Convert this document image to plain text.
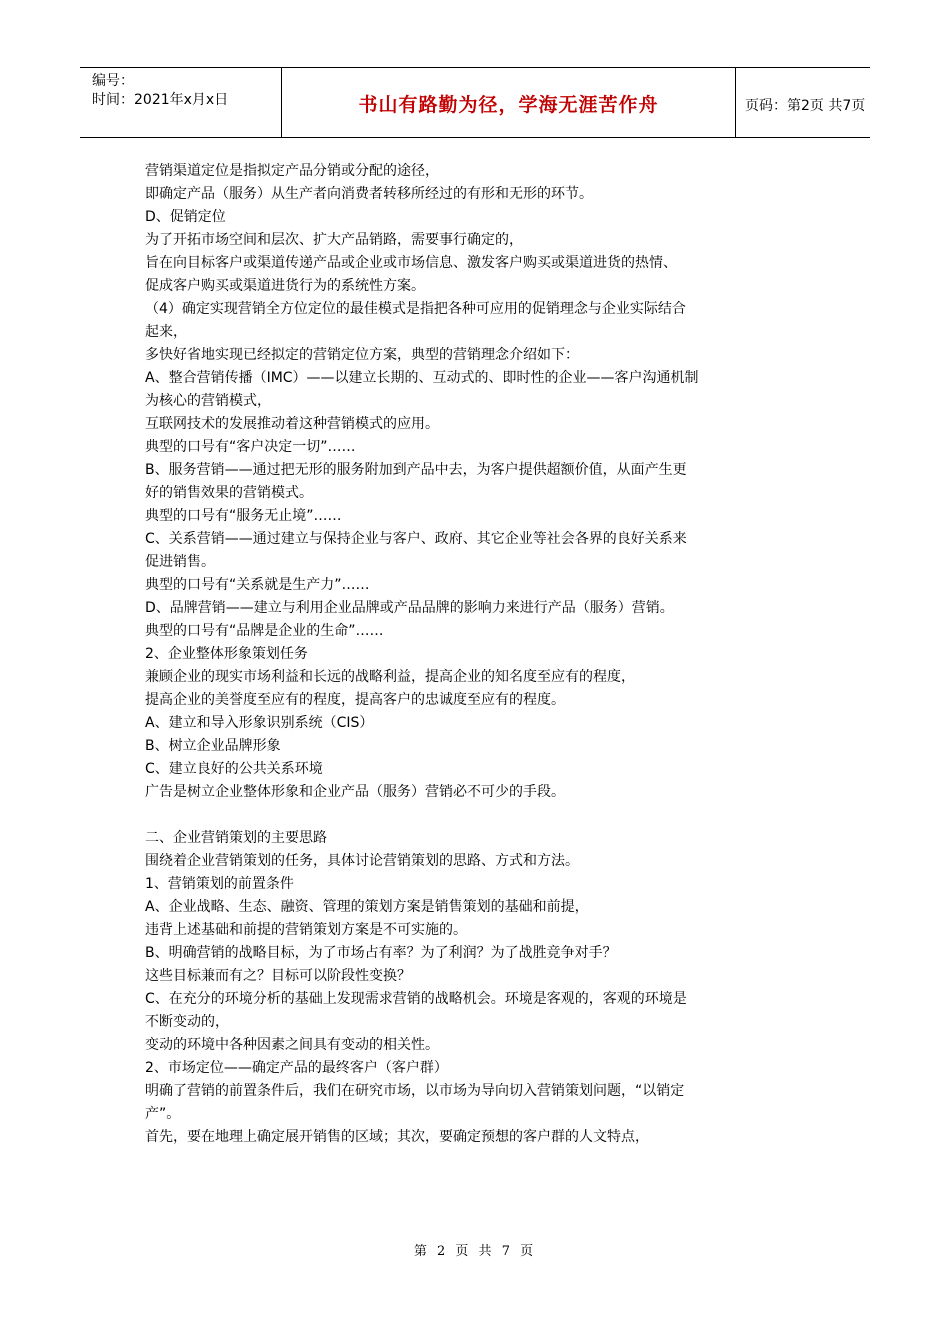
编号：
时间：2021年x月x日	书山有路勤为径，学海无涯苦作舟	页码：第2页 共7页
营销渠道定位是指拟定产品分销或分配的途径，
即确定产品（服务）从生产者向消费者转移所经过的有形和无形的环节。
D、促销定位
为了开拓市场空间和层次、扩大产品销路，需要事行确定的，
旨在向目标客户或渠道传递产品或企业或市场信息、激发客户购买或渠道进货的热情、
促成客户购买或渠道进货行为的系统性方案。
（4）确定实现营销全方位定位的最佳模式是指把各种可应用的促销理念与企业实际结合
起来，
多快好省地实现已经拟定的营销定位方案，典型的营销理念介绍如下：
A、整合营销传播（IMC）——以建立长期的、互动式的、即时性的企业——客户沟通机制
为核心的营销模式，
互联网技术的发展推动着这种营销模式的应用。
典型的口号有“客户决定一切”……
B、服务营销——通过把无形的服务附加到产品中去，为客户提供超额价值，从面产生更
好的销售效果的营销模式。
典型的口号有“服务无止境”……
C、关系营销——通过建立与保持企业与客户、政府、其它企业等社会各界的良好关系来
促进销售。
典型的口号有“关系就是生产力”……
D、品牌营销——建立与利用企业品牌或产品品牌的影响力来进行产品（服务）营销。
典型的口号有“品牌是企业的生命”……
2、企业整体形象策划任务
兼顾企业的现实市场利益和长远的战略利益，提高企业的知名度至应有的程度，
提高企业的美誉度至应有的程度，提高客户的忠诚度至应有的程度。
A、建立和导入形象识别系统（CIS）
B、树立企业品牌形象
C、建立良好的公共关系环境
广告是树立企业整体形象和企业产品（服务）营销必不可少的手段。
二、企业营销策划的主要思路
围绕着企业营销策划的任务，具体讨论营销策划的思路、方式和方法。
1、营销策划的前置条件
A、企业战略、生态、融资、管理的策划方案是销售策划的基础和前提，
违背上述基础和前提的营销策划方案是不可实施的。
B、明确营销的战略目标，为了市场占有率？为了利润？为了战胜竞争对手？
这些目标兼而有之？目标可以阶段性变换？
C、在充分的环境分析的基础上发现需求营销的战略机会。环境是客观的，客观的环境是
不断变动的，
变动的环境中各种因素之间具有变动的相关性。
2、市场定位——确定产品的最终客户（客户群）
明确了营销的前置条件后，我们在研究市场，以市场为导向切入营销策划问题，“以销定
产”。
首先，要在地理上确定展开销售的区域；其次，要确定预想的客户群的人文特点，
第 2 页 共 7 页
